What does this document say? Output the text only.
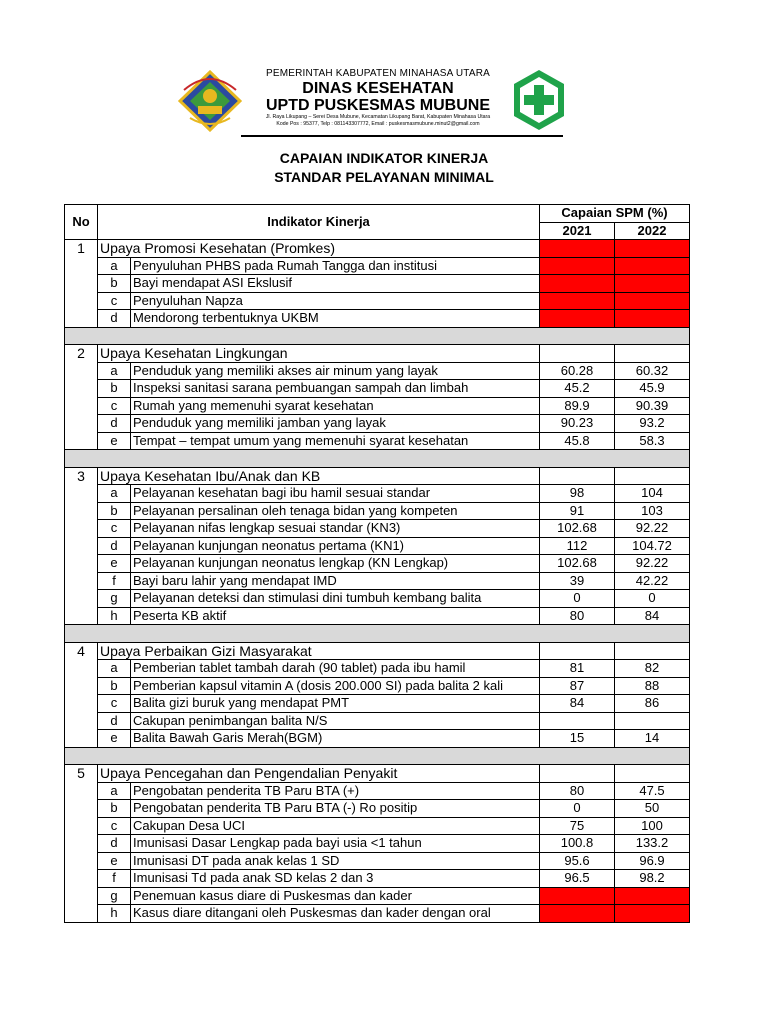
PEMERINTAH KABUPATEN MINAHASA UTARA
DINAS KESEHATAN
UPTD PUSKESMAS MUBUNE
Jl. Raya Likupang – Serei Desa Mubune, Kecamatan Likupang Barat, Kabupaten Minahasa Utara
Kode Pos : 95377, Telp : 081143307772, Email : puskesmasmubune.minut2@gmail.com
CAPAIAN INDIKATOR KINERJA
STANDAR PELAYANAN MINIMAL
No	Indikator Kinerja		Capaian SPM (%)	
			2021	2022
1	Upaya Promosi Kesehatan (Promkes)			
	a	Penyuluhan PHBS pada Rumah Tangga dan institusi		
	b	Bayi mendapat ASI Ekslusif		
	c	Penyuluhan Napza		
	d	Mendorong terbentuknya UKBM		

2	Upaya Kesehatan Lingkungan			
	a	Penduduk yang memiliki akses air minum yang layak	60.28	60.32
	b	Inspeksi sanitasi sarana pembuangan sampah dan limbah	45.2	45.9
	c	Rumah yang memenuhi syarat kesehatan	89.9	90.39
	d	Penduduk yang memiliki jamban yang layak	90.23	93.2
	e	Tempat – tempat umum yang memenuhi syarat kesehatan	45.8	58.3

3	Upaya Kesehatan Ibu/Anak dan KB			
	a	Pelayanan kesehatan bagi ibu hamil sesuai standar	98	104
	b	Pelayanan persalinan oleh tenaga bidan yang kompeten	91	103
	c	Pelayanan nifas lengkap sesuai standar (KN3)	102.68	92.22
	d	Pelayanan kunjungan neonatus pertama (KN1)	112	104.72
	e	Pelayanan kunjungan neonatus lengkap (KN Lengkap)	102.68	92.22
	f	Bayi baru lahir yang mendapat IMD	39	42.22
	g	Pelayanan deteksi dan stimulasi dini tumbuh kembang balita	0	0
	h	Peserta KB aktif	80	84

4	Upaya Perbaikan Gizi Masyarakat			
	a	Pemberian tablet tambah darah (90 tablet) pada ibu hamil	81	82
	b	Pemberian kapsul vitamin A (dosis 200.000 SI) pada balita 2 kali	87	88
	c	Balita gizi buruk yang mendapat PMT	84	86
	d	Cakupan penimbangan balita N/S		
	e	Balita Bawah Garis Merah(BGM)	15	14

5	Upaya Pencegahan dan Pengendalian Penyakit			
	a	Pengobatan penderita TB Paru BTA (+)	80	47.5
	b	Pengobatan penderita TB Paru BTA (-) Ro positip	0	50
	c	Cakupan Desa UCI	75	100
	d	Imunisasi Dasar Lengkap pada bayi usia <1 tahun	100.8	133.2
	e	Imunisasi DT pada anak kelas 1 SD	95.6	96.9
	f	Imunisasi Td pada anak SD kelas 2 dan 3	96.5	98.2
	g	Penemuan kasus diare di Puskesmas dan kader		
	h	Kasus diare ditangani oleh Puskesmas dan kader dengan oral		
